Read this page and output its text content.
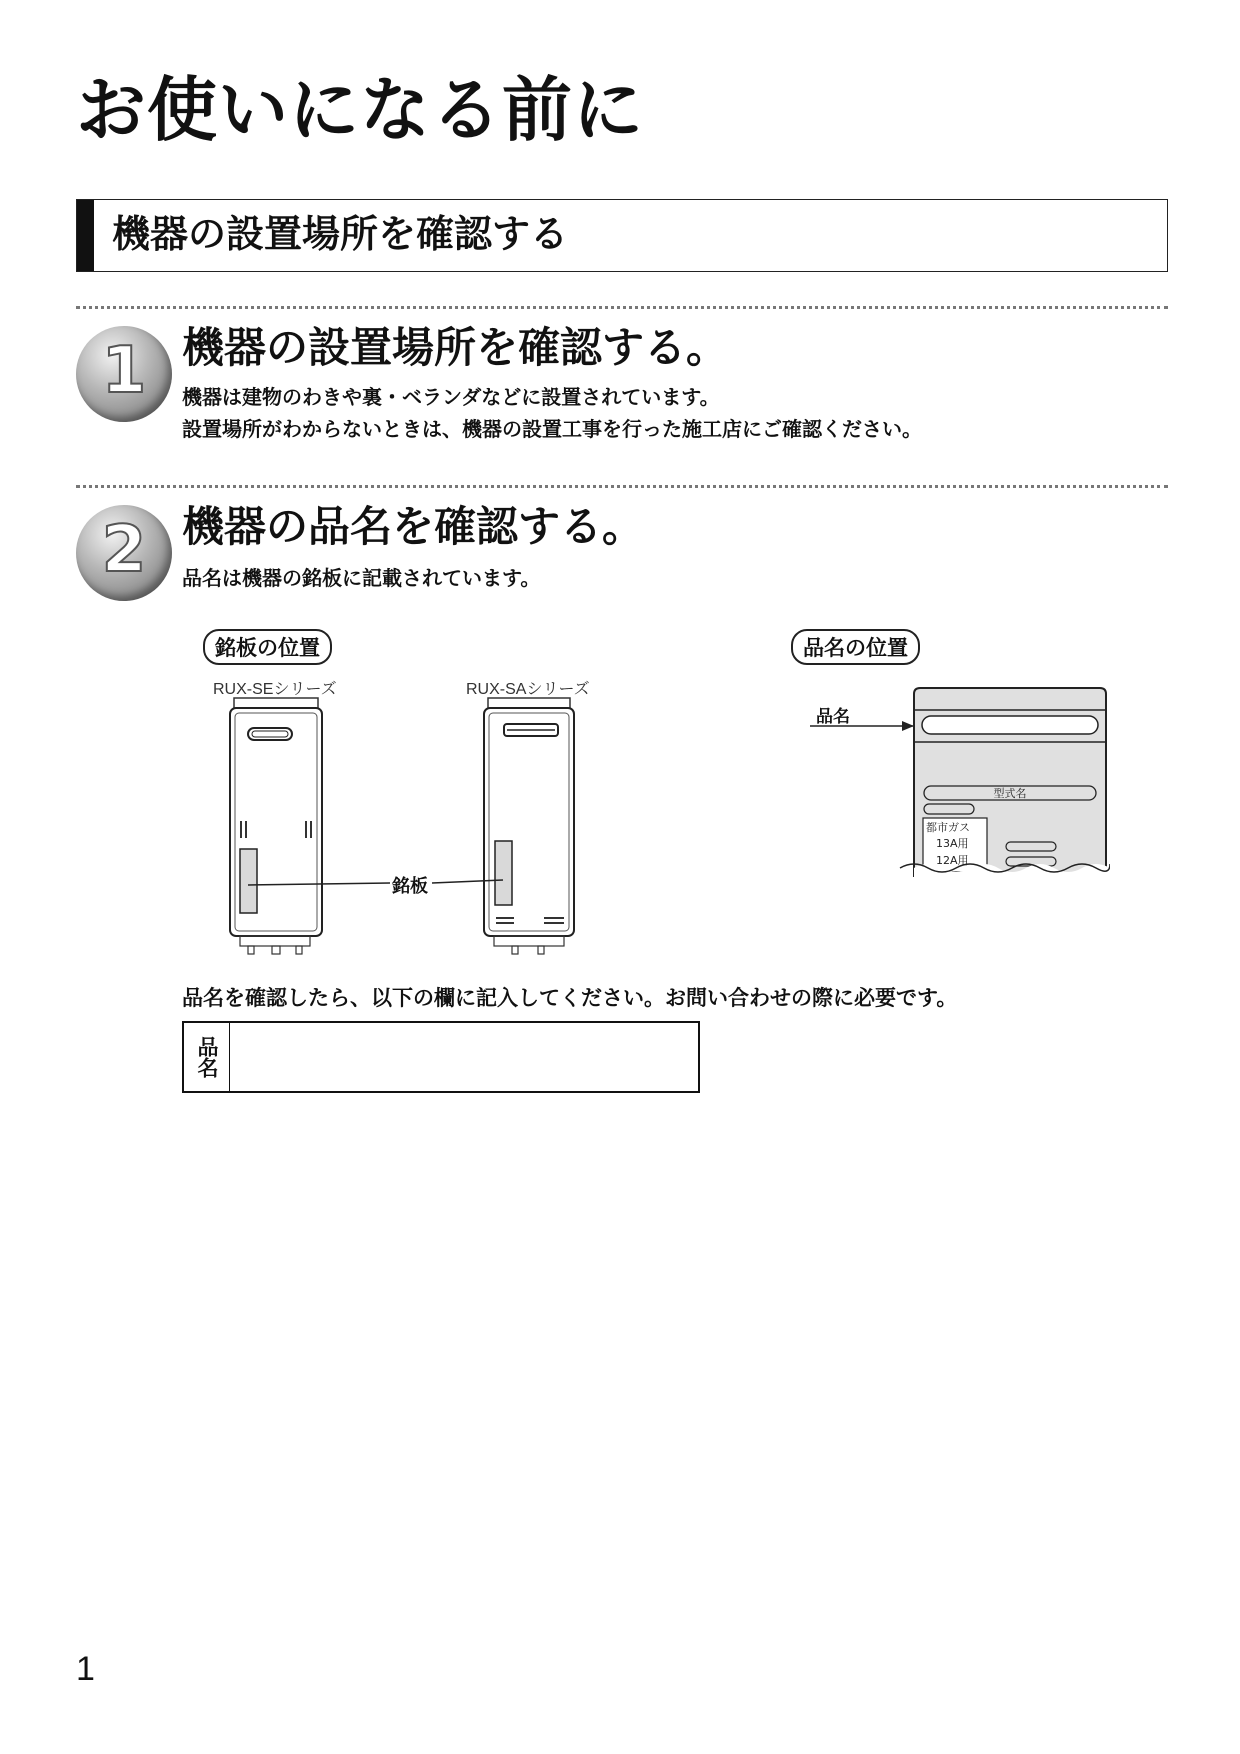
お使いになる前に
機器の設置場所を確認する
1 機器の設置場所を確認する。
機器は建物のわきや裏・ベランダなどに設置されています。
設置場所がわからないときは、機器の設置工事を行った施工店にご確認ください。
2 機器の品名を確認する。
品名は機器の銘板に記載されています。
銘板の位置	品名の位置
RUX-SEシリーズ	RUX-SAシリーズ
銘板
型式名
都市ガス
13A用
12A用
品名
品名を確認したら、以下の欄に記入してください。お問い合わせの際に必要です。
品名
1
